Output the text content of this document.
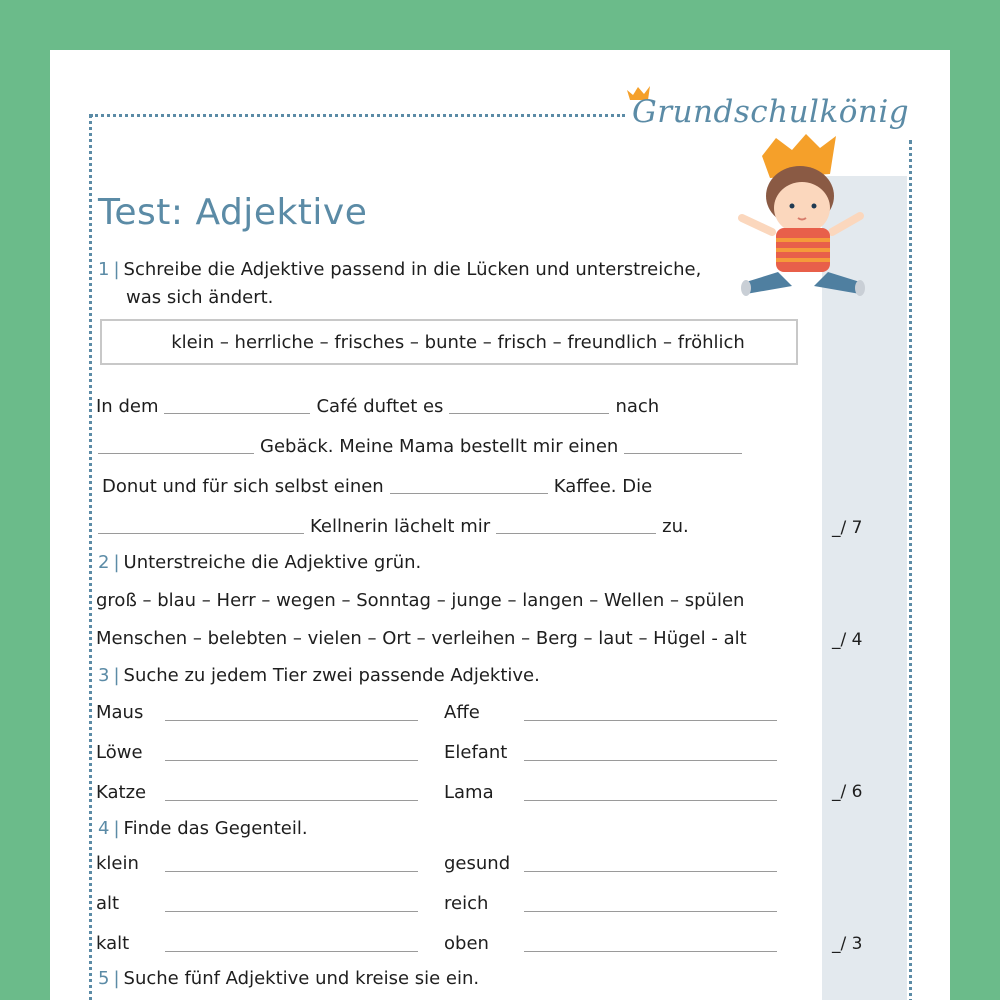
Grundschulkönig
Test: Adjektive
1 | Schreibe die Adjektive passend in die Lücken und unterstreiche,
was sich ändert.
klein – herrliche – frisches – bunte – frisch – freundlich – fröhlich
In dem	Café duftet es	nach
Gebäck. Meine Mama bestellt mir einen
Donut und für sich selbst einen	Kaffee. Die
Kellnerin lächelt mir	zu.	_/ 7
2 | Unterstreiche die Adjektive grün.
groß – blau – Herr – wegen – Sonntag – junge – langen – Wellen – spülen
Menschen – belebten – vielen – Ort – verleihen – Berg – laut – Hügel - alt	_/ 4
3 | Suche zu jedem Tier zwei passende Adjektive.
Maus	Affe
Löwe	Elefant
Katze	Lama	_/ 6
4 | Finde das Gegenteil.
klein	gesund
alt	reich
kalt	oben	_/ 3
5 | Suche fünf Adjektive und kreise sie ein.
